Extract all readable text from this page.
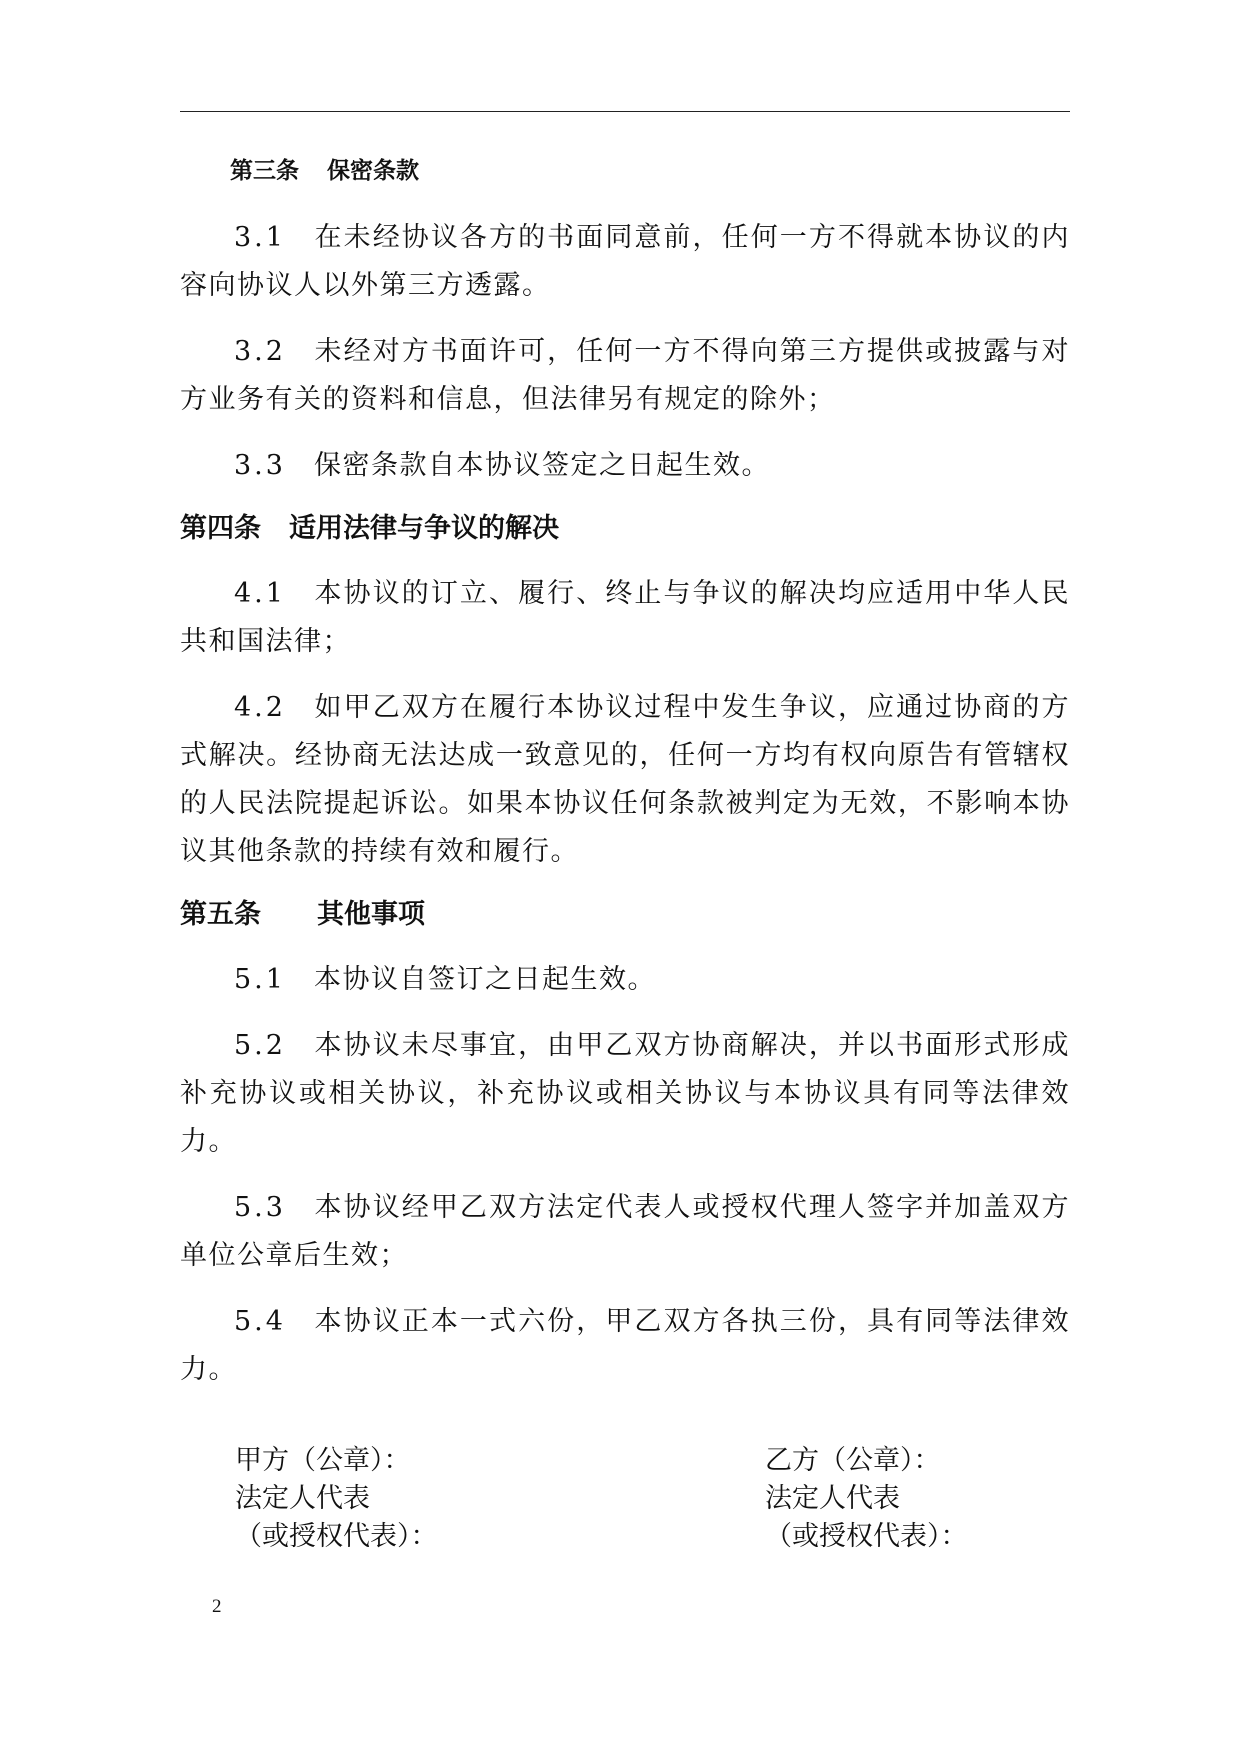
第三条 保密条款

3.1 在未经协议各方的书面同意前，任何一方不得就本协议的内容向协议人以外第三方透露。

3.2 未经对方书面许可，任何一方不得向第三方提供或披露与对方业务有关的资料和信息，但法律另有规定的除外；

3.3 保密条款自本协议签定之日起生效。

第四条 适用法律与争议的解决

4.1 本协议的订立、履行、终止与争议的解决均应适用中华人民共和国法律；

4.2 如甲乙双方在履行本协议过程中发生争议，应通过协商的方式解决。经协商无法达成一致意见的，任何一方均有权向原告有管辖权的人民法院提起诉讼。如果本协议任何条款被判定为无效，不影响本协议其他条款的持续有效和履行。

第五条 其他事项

5.1 本协议自签订之日起生效。

5.2 本协议未尽事宜，由甲乙双方协商解决，并以书面形式形成补充协议或相关协议，补充协议或相关协议与本协议具有同等法律效力。

5.3 本协议经甲乙双方法定代表人或授权代理人签字并加盖双方单位公章后生效；

5.4 本协议正本一式六份，甲乙双方各执三份，具有同等法律效力。

甲方（公章）：
法定人代表
（或授权代表）：
乙方（公章）：
法定人代表
（或授权代表）：
2
